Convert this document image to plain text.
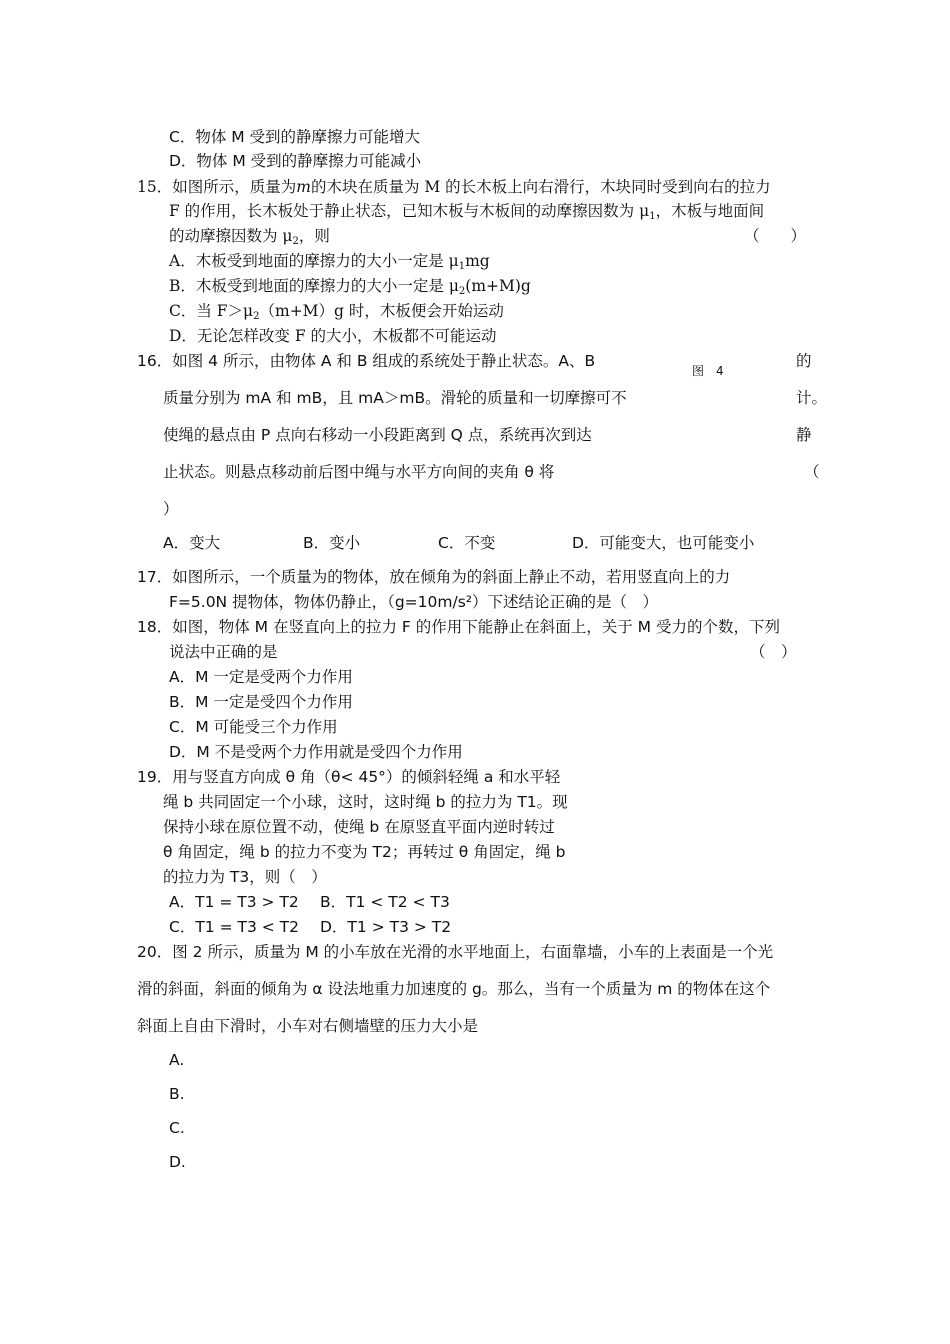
C．物体 M 受到的静摩擦力可能增大
D．物体 M 受到的静摩擦力可能减小
15．如图所示，质量为m的木块在质量为 M 的长木板上向右滑行，木块同时受到向右的拉力
F 的作用，长木板处于静止状态，已知木板与木板间的动摩擦因数为 $\mu_1$，木板与地面间
的动摩擦因数为 $\mu_2$，则	（　　）
A．木板受到地面的摩擦力的大小一定是 $\mu_1mg$
B．木板受到地面的摩擦力的大小一定是 $\mu_2(m+M)g$
C．当 $F>\mu_2(m+M)g$ 时，木板便会开始运动
D．无论怎样改变 F 的大小，木板都不可能运动
16．如图 4 所示，由物体 A 和 B 组成的系统处于静止状态。A、B
图　4
的
质量分别为 mA 和 mB，且 mA＞mB。滑轮的质量和一切摩擦可不	计。
使绳的悬点由 P 点向右移动一小段距离到 Q 点，系统再次到达	静
止状态。则悬点移动前后图中绳与水平方向间的夹角 θ 将	（
）
A．变大	B．变小	C．不变	D．可能变大，也可能变小
17．如图所示，一个质量为的物体，放在倾角为的斜面上静止不动，若用竖直向上的力
F=5.0N 提物体，物体仍静止，（g=10m/s²）下述结论正确的是（　）
18．如图，物体 M 在竖直向上的拉力 F 的作用下能静止在斜面上，关于 M 受力的个数，下列
说法中正确的是	（　）
A．M 一定是受两个力作用
B．M 一定是受四个力作用
C．M 可能受三个力作用
D．M 不是受两个力作用就是受四个力作用
19．用与竖直方向成 θ 角（θ< 45°）的倾斜轻绳 a 和水平轻
绳 b 共同固定一个小球，这时，这时绳 b 的拉力为 T1。现
保持小球在原位置不动，使绳 b 在原竖直平面内逆时转过
θ 角固定，绳 b 的拉力不变为 T2；再转过 θ 角固定，绳 b
的拉力为 T3，则（　）
A．T1 = T3 > T2 B．T1 < T2 < T3
C．T1 = T3 < T2 D．T1 > T3 > T2
20．图 2 所示，质量为 M 的小车放在光滑的水平地面上，右面靠墙，小车的上表面是一个光
滑的斜面，斜面的倾角为 α 设法地重力加速度的 g。那么，当有一个质量为 m 的物体在这个
斜面上自由下滑时，小车对右侧墙壁的压力大小是
A.
B.
C.
D.
